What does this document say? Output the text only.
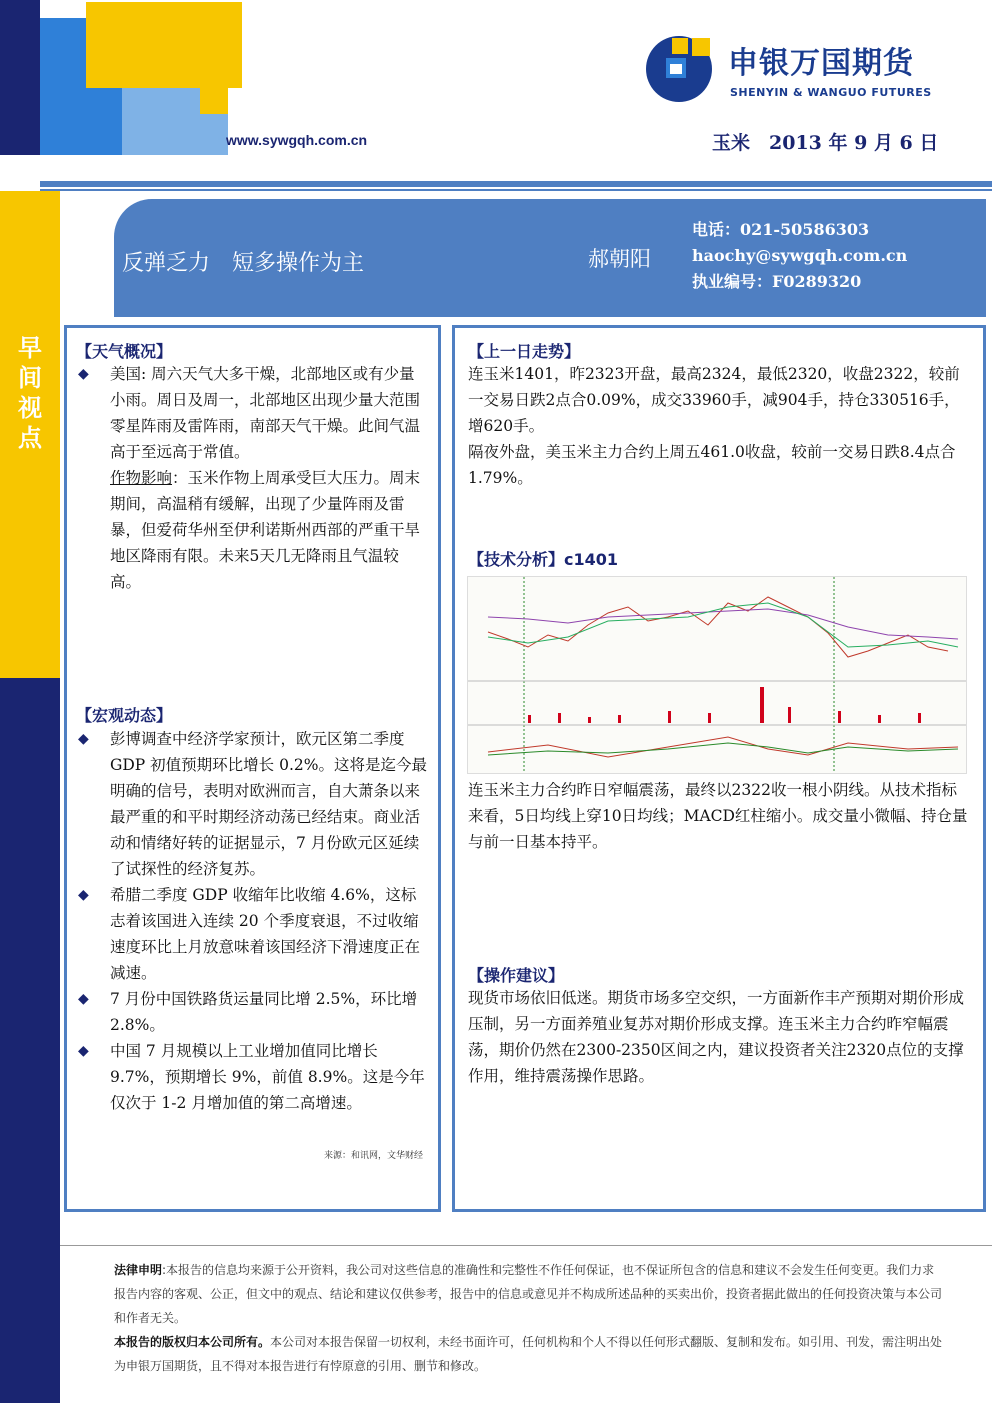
www.sywgqh.com.cn	玉米　2013 年 9 月 6 日
申银万国期货
SHENYIN & WANGUO FUTURES
早间视点
反弹乏力　短多操作为主	郝朝阳
电话：021-50586303
haochy@sywgqh.com.cn
执业编号：F0289320
【天气概况】
◆ 美国: 周六天气大多干燥，北部地区或有少量小雨。周日及周一，北部地区出现少量大范围零星阵雨及雷阵雨，南部天气干燥。此间气温高于至远高于常值。
作物影响：玉米作物上周承受巨大压力。周末期间，高温稍有缓解，出现了少量阵雨及雷暴，但爱荷华州至伊利诺斯州西部的严重干旱地区降雨有限。未来5天几无降雨且气温较高。
【宏观动态】
◆ 彭博调查中经济学家预计，欧元区第二季度 GDP 初值预期环比增长 0.2%。这将是迄今最明确的信号，表明对欧洲而言，自大萧条以来最严重的和平时期经济动荡已经结束。商业活动和情绪好转的证据显示，7 月份欧元区延续了试探性的经济复苏。
◆ 希腊二季度 GDP 收缩年比收缩 4.6%，这标志着该国进入连续 20 个季度衰退，不过收缩速度环比上月放意味着该国经济下滑速度正在减速。
◆ 7 月份中国铁路货运量同比增 2.5%，环比增 2.8%。
◆ 中国 7 月规模以上工业增加值同比增长 9.7%，预期增长 9%，前值 8.9%。这是今年仅次于 1-2 月增加值的第二高增速。
来源：和讯网，文华财经
【上一日走势】
连玉米1401，昨2323开盘，最高2324，最低2320，收盘2322，较前一交易日跌2点合0.09%，成交33960手，减904手，持仓330516手，增620手。
隔夜外盘，美玉米主力合约上周五461.0收盘，较前一交易日跌8.4点合1.79%。
【技术分析】c1401
连玉米主力合约昨日窄幅震荡，最终以2322收一根小阴线。从技术指标来看，5日均线上穿10日均线；MACD红柱缩小。成交量小微幅、持仓量与前一日基本持平。
【操作建议】
现货市场依旧低迷。期货市场多空交织，一方面新作丰产预期对期价形成压制，另一方面养殖业复苏对期价形成支撑。连玉米主力合约昨窄幅震荡，期价仍然在2300-2350区间之内，建议投资者关注2320点位的支撑作用，维持震荡操作思路。
法律申明:本报告的信息均来源于公开资料，我公司对这些信息的准确性和完整性不作任何保证，也不保证所包含的信息和建议不会发生任何变更。我们力求报告内容的客观、公正，但文中的观点、结论和建议仅供参考，报告中的信息或意见并不构成所述品种的买卖出价，投资者据此做出的任何投资决策与本公司和作者无关。
本报告的版权归本公司所有。本公司对本报告保留一切权利，未经书面许可，任何机构和个人不得以任何形式翻版、复制和发布。如引用、刊发，需注明出处为申银万国期货，且不得对本报告进行有悖原意的引用、删节和修改。
